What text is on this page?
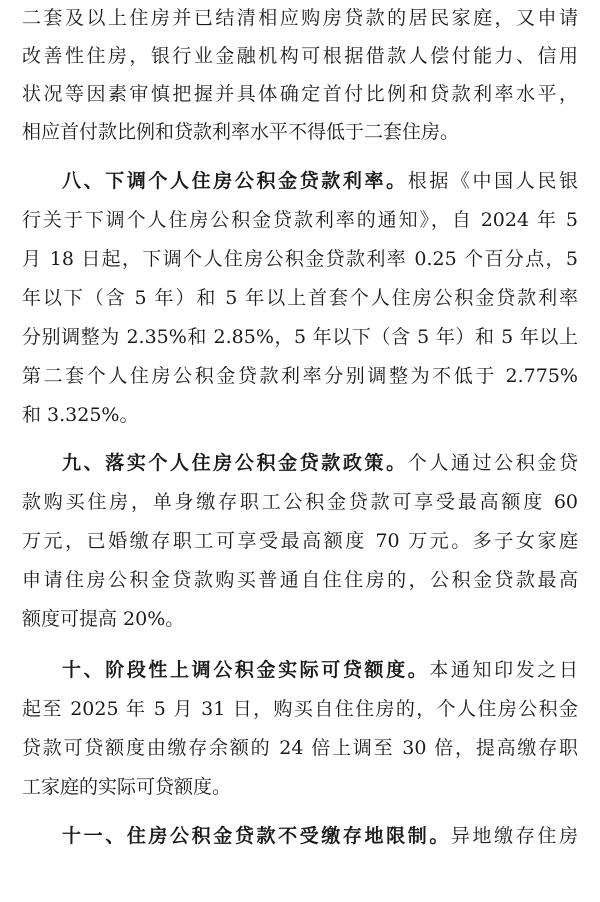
二套及以上住房并已结清相应购房贷款的居民家庭，又申请
改善性住房，银行业金融机构可根据借款人偿付能力、信用
状况等因素审慎把握并具体确定首付比例和贷款利率水平，
相应首付款比例和贷款利率水平不得低于二套住房。
八、下调个人住房公积金贷款利率。根据《中国人民银
行关于下调个人住房公积金贷款利率的通知》，自 2024 年 5
月 18 日起，下调个人住房公积金贷款利率 0.25 个百分点，5
年以下（含 5 年）和 5 年以上首套个人住房公积金贷款利率
分别调整为 2.35%和 2.85%，5 年以下（含 5 年）和 5 年以上
第二套个人住房公积金贷款利率分别调整为不低于 2.775%
和 3.325%。
九、落实个人住房公积金贷款政策。个人通过公积金贷
款购买住房，单身缴存职工公积金贷款可享受最高额度 60
万元，已婚缴存职工可享受最高额度 70 万元。多子女家庭
申请住房公积金贷款购买普通自住住房的，公积金贷款最高
额度可提高 20%。
十、阶段性上调公积金实际可贷额度。本通知印发之日
起至 2025 年 5 月 31 日，购买自住住房的，个人住房公积金
贷款可贷额度由缴存余额的 24 倍上调至 30 倍，提高缴存职
工家庭的实际可贷额度。
十一、住房公积金贷款不受缴存地限制。异地缴存住房
